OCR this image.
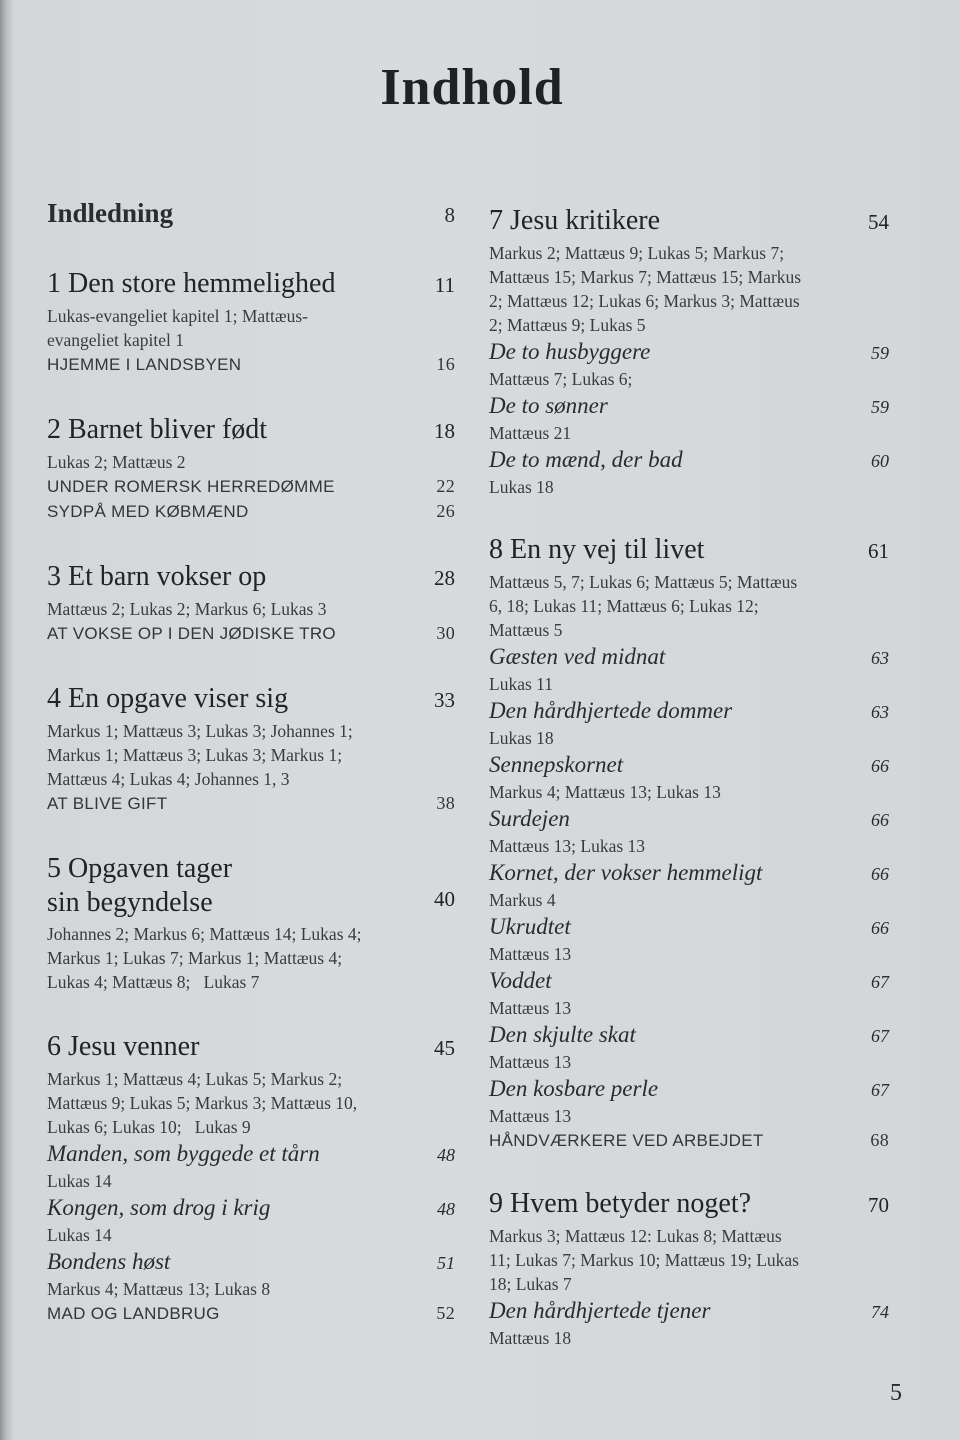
Indhold
Indledning	8
1 Den store hemmelighed	11
Lukas-evangeliet kapitel 1; Mattæus-
evangeliet kapitel 1
HJEMME I LANDSBYEN	16
2 Barnet bliver født	18
Lukas 2; Mattæus 2
UNDER ROMERSK HERREDØMME	22
SYDPÅ MED KØBMÆND	26
3 Et barn vokser op	28
Mattæus 2; Lukas 2; Markus 6; Lukas 3
AT VOKSE OP I DEN JØDISKE TRO	30
4 En opgave viser sig	33
Markus 1; Mattæus 3; Lukas 3; Johannes 1;
Markus 1; Mattæus 3; Lukas 3; Markus 1;
Mattæus 4; Lukas 4; Johannes 1, 3
AT BLIVE GIFT	38
5 Opgaven tager
sin begyndelse	40
Johannes 2; Markus 6; Mattæus 14; Lukas 4;
Markus 1; Lukas 7; Markus 1; Mattæus 4;
Lukas 4; Mattæus 8;   Lukas 7
6 Jesu venner	45
Markus 1; Mattæus 4; Lukas 5; Markus 2;
Mattæus 9; Lukas 5; Markus 3; Mattæus 10,
Lukas 6; Lukas 10;   Lukas 9
Manden, som byggede et tårn	48
Lukas 14
Kongen, som drog i krig	48
Lukas 14
Bondens høst	51
Markus 4; Mattæus 13; Lukas 8
MAD OG LANDBRUG	52
7 Jesu kritikere	54
Markus 2; Mattæus 9; Lukas 5; Markus 7;
Mattæus 15; Markus 7; Mattæus 15; Markus
2; Mattæus 12; Lukas 6; Markus 3; Mattæus
2; Mattæus 9; Lukas 5
De to husbyggere	59
Mattæus 7; Lukas 6;
De to sønner	59
Mattæus 21
De to mænd, der bad	60
Lukas 18
8 En ny vej til livet	61
Mattæus 5, 7; Lukas 6; Mattæus 5; Mattæus
6, 18; Lukas 11; Mattæus 6; Lukas 12;
Mattæus 5
Gæsten ved midnat	63
Lukas 11
Den hårdhjertede dommer	63
Lukas 18
Sennepskornet	66
Markus 4; Mattæus 13; Lukas 13
Surdejen	66
Mattæus 13; Lukas 13
Kornet, der vokser hemmeligt	66
Markus 4
Ukrudtet	66
Mattæus 13
Voddet	67
Mattæus 13
Den skjulte skat	67
Mattæus 13
Den kosbare perle	67
Mattæus 13
HÅNDVÆRKERE VED ARBEJDET	68
9 Hvem betyder noget?	70
Markus 3; Mattæus 12: Lukas 8; Mattæus
11; Lukas 7; Markus 10; Mattæus 19; Lukas
18; Lukas 7
Den hårdhjertede tjener	74
Mattæus 18
5
